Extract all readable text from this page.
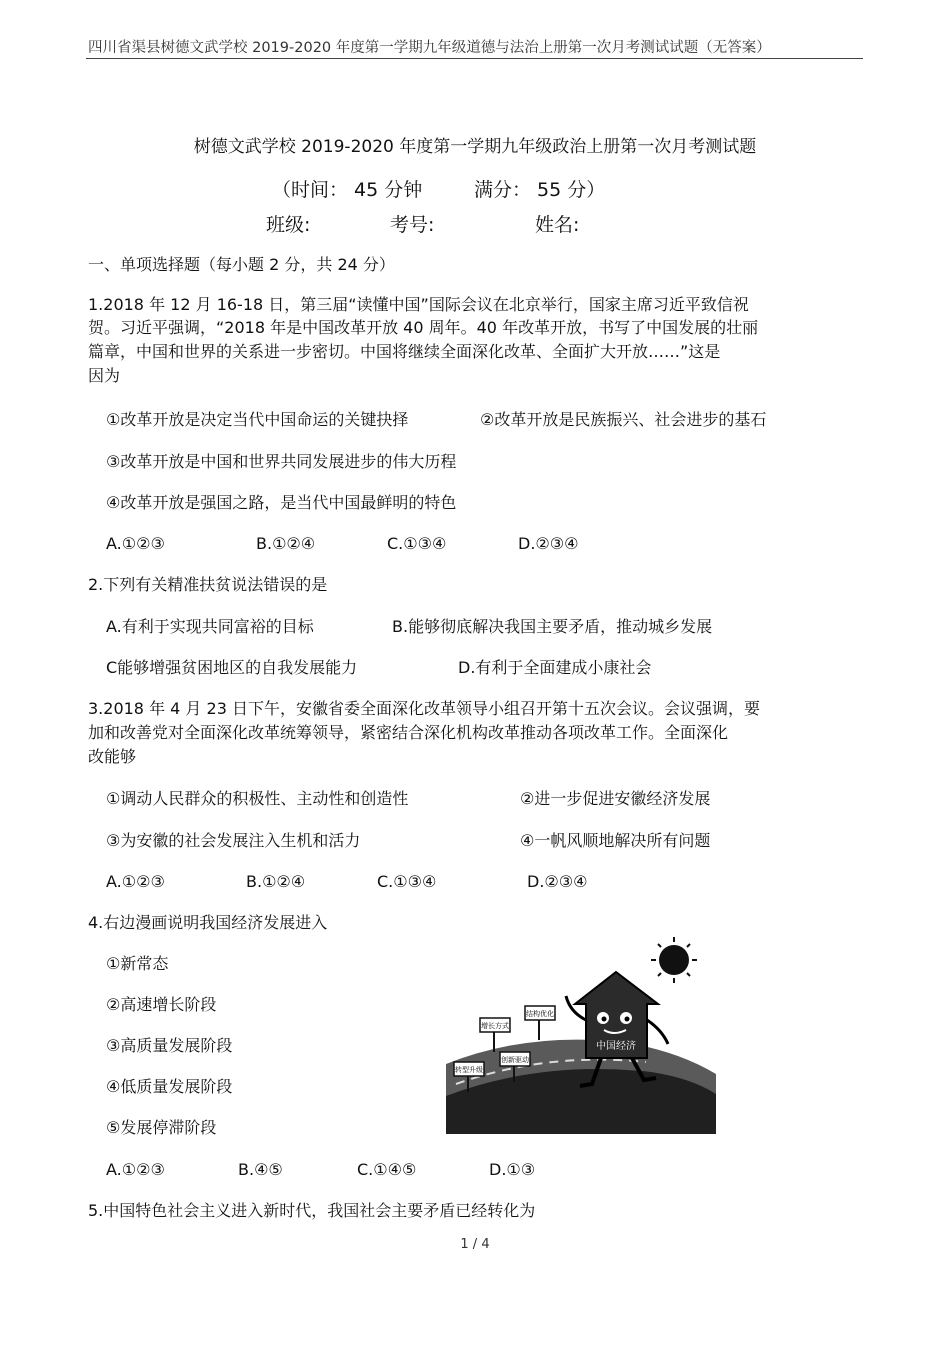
四川省渠县树德文武学校 2019-2020 年度第一学期九年级道德与法治上册第一次月考测试试题（无答案）
树德文武学校 2019-2020 年度第一学期九年级政治上册第一次月考测试题
（时间： 45 分钟	满分： 55 分）
班级:	考号:	姓名:
一、单项选择题（每小题 2 分，共 24 分）
1.2018 年 12 月 16-18 日，第三届“读懂中国”国际会议在北京举行，国家主席习近平致信祝
贺。习近平强调，“2018 年是中国改革开放 40 周年。40 年改革开放，书写了中国发展的壮丽
篇章，中国和世界的关系进一步密切。中国将继续全面深化改革、全面扩大开放……”这是
因为
①改革开放是决定当代中国命运的关键抉择	②改革开放是民族振兴、社会进步的基石
③改革开放是中国和世界共同发展进步的伟大历程
④改革开放是强国之路，是当代中国最鲜明的特色
A.①②③	B.①②④	C.①③④	D.②③④
2.下列有关精准扶贫说法错误的是
A.有利于实现共同富裕的目标	B.能够彻底解决我国主要矛盾，推动城乡发展
C能够增强贫困地区的自我发展能力	D.有利于全面建成小康社会
3.2018 年 4 月 23 日下午，安徽省委全面深化改革领导小组召开第十五次会议。会议强调，要
加和改善党对全面深化改革统筹领导，紧密结合深化机构改革推动各项改革工作。全面深化
改能够
①调动人民群众的积极性、主动性和创造性	②进一步促进安徽经济发展
③为安徽的社会发展注入生机和活力	④一帆风顺地解决所有问题
A.①②③	B.①②④	C.①③④	D.②③④
4.右边漫画说明我国经济发展进入
①新常态
②高速增长阶段
③高质量发展阶段
④低质量发展阶段
⑤发展停滞阶段
A.①②③	B.④⑤	C.①④⑤	D.①③
增长方式
结构优化
转型升级
创新驱动
中国经济
5.中国特色社会主义进入新时代，我国社会主要矛盾已经转化为
1 / 4
